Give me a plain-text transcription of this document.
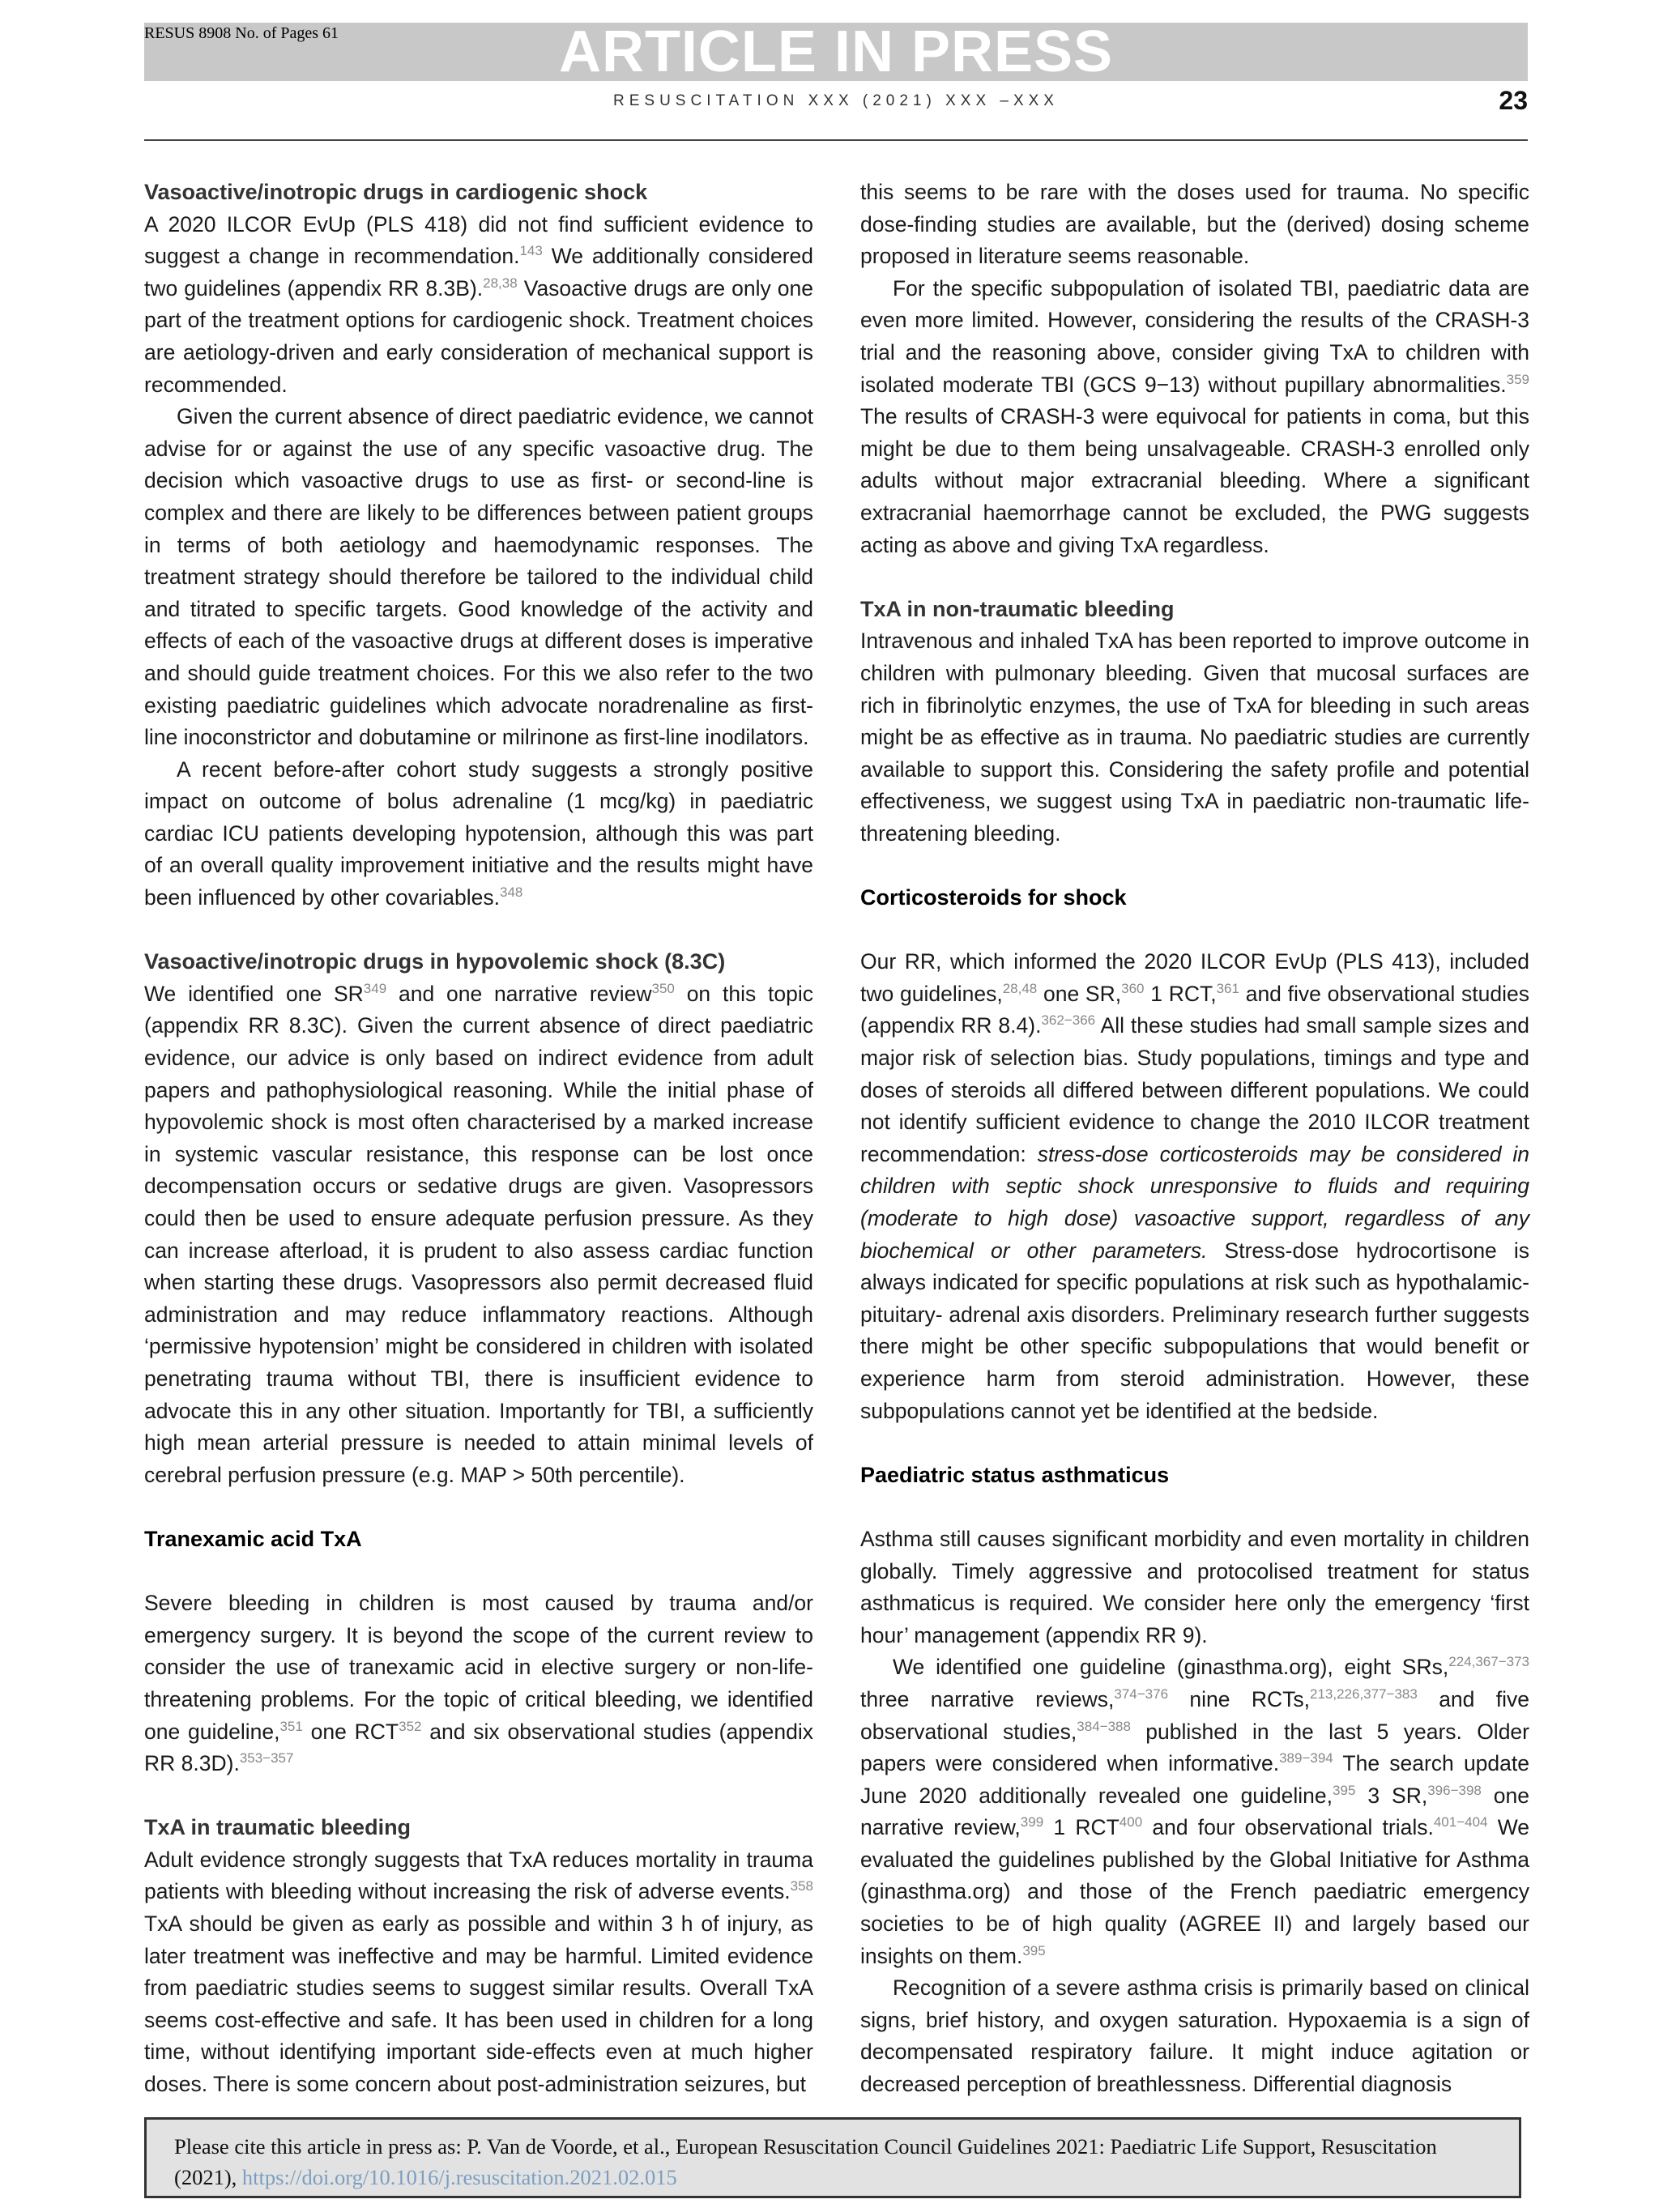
ARTICLE IN PRESS
RESUS 8908 No. of Pages 61
RESUSCITATION XXX (2021) XXX –XXX	23
Vasoactive/inotropic drugs in cardiogenic shock

A 2020 ILCOR EvUp (PLS 418) did not find sufficient evidence to suggest a change in recommendation.$^{143}$ We additionally considered two guidelines (appendix RR 8.3B).$^{28,38}$ Vasoactive drugs are only one part of the treatment options for cardiogenic shock. Treatment choices are aetiology-driven and early consideration of mechanical support is recommended.

Given the current absence of direct paediatric evidence, we cannot advise for or against the use of any specific vasoactive drug. The decision which vasoactive drugs to use as first- or second-line is complex and there are likely to be differences between patient groups in terms of both aetiology and haemodynamic responses. The treatment strategy should therefore be tailored to the individual child and titrated to specific targets. Good knowledge of the activity and effects of each of the vasoactive drugs at different doses is imperative and should guide treatment choices. For this we also refer to the two existing paediatric guidelines which advocate noradrenaline as first-line inoconstrictor and dobutamine or milrinone as first-line inodilators.

A recent before-after cohort study suggests a strongly positive impact on outcome of bolus adrenaline (1 mcg/kg) in paediatric cardiac ICU patients developing hypotension, although this was part of an overall quality improvement initiative and the results might have been influenced by other covariables.$^{348}$

Vasoactive/inotropic drugs in hypovolemic shock (8.3C)

We identified one SR$^{349}$ and one narrative review$^{350}$ on this topic (appendix RR 8.3C). Given the current absence of direct paediatric evidence, our advice is only based on indirect evidence from adult papers and pathophysiological reasoning. While the initial phase of hypovolemic shock is most often characterised by a marked increase in systemic vascular resistance, this response can be lost once decompensation occurs or sedative drugs are given. Vasopressors could then be used to ensure adequate perfusion pressure. As they can increase afterload, it is prudent to also assess cardiac function when starting these drugs. Vasopressors also permit decreased fluid administration and may reduce inflammatory reactions. Although ‘permissive hypotension’ might be considered in children with isolated penetrating trauma without TBI, there is insufficient evidence to advocate this in any other situation. Importantly for TBI, a sufficiently high mean arterial pressure is needed to attain minimal levels of cerebral perfusion pressure (e.g. MAP > 50th percentile).

Tranexamic acid TxA

Severe bleeding in children is most caused by trauma and/or emergency surgery. It is beyond the scope of the current review to consider the use of tranexamic acid in elective surgery or non-life-threatening problems. For the topic of critical bleeding, we identified one guideline,$^{351}$ one RCT$^{352}$ and six observational studies (appendix RR 8.3D).$^{353-357}$

TxA in traumatic bleeding

Adult evidence strongly suggests that TxA reduces mortality in trauma patients with bleeding without increasing the risk of adverse events.$^{358}$ TxA should be given as early as possible and within 3 h of injury, as later treatment was ineffective and may be harmful. Limited evidence from paediatric studies seems to suggest similar results. Overall TxA seems cost-effective and safe. It has been used in children for a long time, without identifying important side-effects even at much higher doses. There is some concern about post-administration seizures, but

this seems to be rare with the doses used for trauma. No specific dose-finding studies are available, but the (derived) dosing scheme proposed in literature seems reasonable.

For the specific subpopulation of isolated TBI, paediatric data are even more limited. However, considering the results of the CRASH-3 trial and the reasoning above, consider giving TxA to children with isolated moderate TBI (GCS 9−13) without pupillary abnormalities.$^{359}$ The results of CRASH-3 were equivocal for patients in coma, but this might be due to them being unsalvageable. CRASH-3 enrolled only adults without major extracranial bleeding. Where a significant extracranial haemorrhage cannot be excluded, the PWG suggests acting as above and giving TxA regardless.

TxA in non-traumatic bleeding

Intravenous and inhaled TxA has been reported to improve outcome in children with pulmonary bleeding. Given that mucosal surfaces are rich in fibrinolytic enzymes, the use of TxA for bleeding in such areas might be as effective as in trauma. No paediatric studies are currently available to support this. Considering the safety profile and potential effectiveness, we suggest using TxA in paediatric non-traumatic life-threatening bleeding.

Corticosteroids for shock

Our RR, which informed the 2020 ILCOR EvUp (PLS 413), included two guidelines,$^{28,48}$ one SR,$^{360}$ 1 RCT,$^{361}$ and five observational studies (appendix RR 8.4).$^{362-366}$ All these studies had small sample sizes and major risk of selection bias. Study populations, timings and type and doses of steroids all differed between different populations. We could not identify sufficient evidence to change the 2010 ILCOR treatment recommendation: stress-dose corticosteroids may be considered in children with septic shock unresponsive to fluids and requiring (moderate to high dose) vasoactive support, regardless of any biochemical or other parameters. Stress-dose hydrocortisone is always indicated for specific populations at risk such as hypothalamic-pituitary- adrenal axis disorders. Preliminary research further suggests there might be other specific subpopulations that would benefit or experience harm from steroid administration. However, these subpopulations cannot yet be identified at the bedside.

Paediatric status asthmaticus

Asthma still causes significant morbidity and even mortality in children globally. Timely aggressive and protocolised treatment for status asthmaticus is required. We consider here only the emergency ‘first hour’ management (appendix RR 9).

We identified one guideline (ginasthma.org), eight SRs,$^{224,367-373}$ three narrative reviews,$^{374-376}$ nine RCTs,$^{213,226,377-383}$ and five observational studies,$^{384-388}$ published in the last 5 years. Older papers were considered when informative.$^{389-394}$ The search update June 2020 additionally revealed one guideline,$^{395}$ 3 SR,$^{396-398}$ one narrative review,$^{399}$ 1 RCT$^{400}$ and four observational trials.$^{401-404}$ We evaluated the guidelines published by the Global Initiative for Asthma (ginasthma.org) and those of the French paediatric emergency societies to be of high quality (AGREE II) and largely based our insights on them.$^{395}$

Recognition of a severe asthma crisis is primarily based on clinical signs, brief history, and oxygen saturation. Hypoxaemia is a sign of decompensated respiratory failure. It might induce agitation or decreased perception of breathlessness. Differential diagnosis

Please cite this article in press as: P. Van de Voorde, et al., European Resuscitation Council Guidelines 2021: Paediatric Life Support, Resuscitation (2021), https://doi.org/10.1016/j.resuscitation.2021.02.015
